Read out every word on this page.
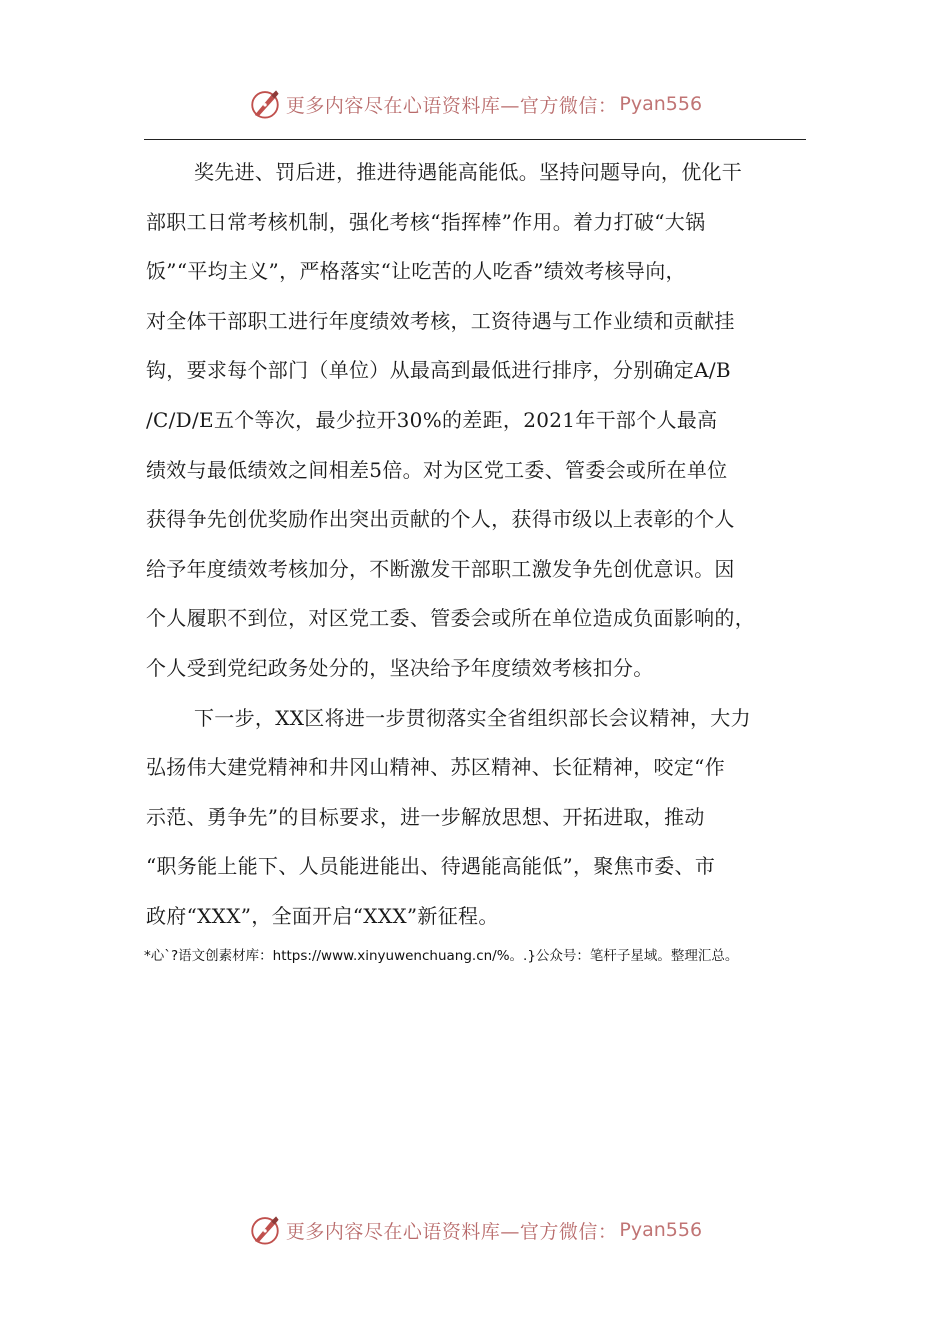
更多内容尽在心语资料库—官方微信： Pyan556
奖先进、罚后进，推进待遇能高能低。坚持问题导向，优化干
部职工日常考核机制，强化考核“指挥棒”作用。着力打破“大锅
饭”“平均主义”，严格落实“让吃苦的人吃香”绩效考核导向，
对全体干部职工进行年度绩效考核，工资待遇与工作业绩和贡献挂
钩，要求每个部门（单位）从最高到最低进行排序，分别确定A/B
/C/D/E五个等次，最少拉开30%的差距，2021年干部个人最高
绩效与最低绩效之间相差5倍。对为区党工委、管委会或所在单位
获得争先创优奖励作出突出贡献的个人，获得市级以上表彰的个人
给予年度绩效考核加分，不断激发干部职工激发争先创优意识。因
个人履职不到位，对区党工委、管委会或所在单位造成负面影响的，
个人受到党纪政务处分的，坚决给予年度绩效考核扣分。
下一步，XX区将进一步贯彻落实全省组织部长会议精神，大力
弘扬伟大建党精神和井冈山精神、苏区精神、长征精神，咬定“作
示范、勇争先”的目标要求，进一步解放思想、开拓进取，推动
“职务能上能下、人员能进能出、待遇能高能低”，聚焦市委、市
政府“XXX”，全面开启“XXX”新征程。
*心`?语文创素材库：https://www.xinyuwenchuang.cn/%。.}公众号：笔杆子星域。整理汇总。
更多内容尽在心语资料库—官方微信： Pyan556
